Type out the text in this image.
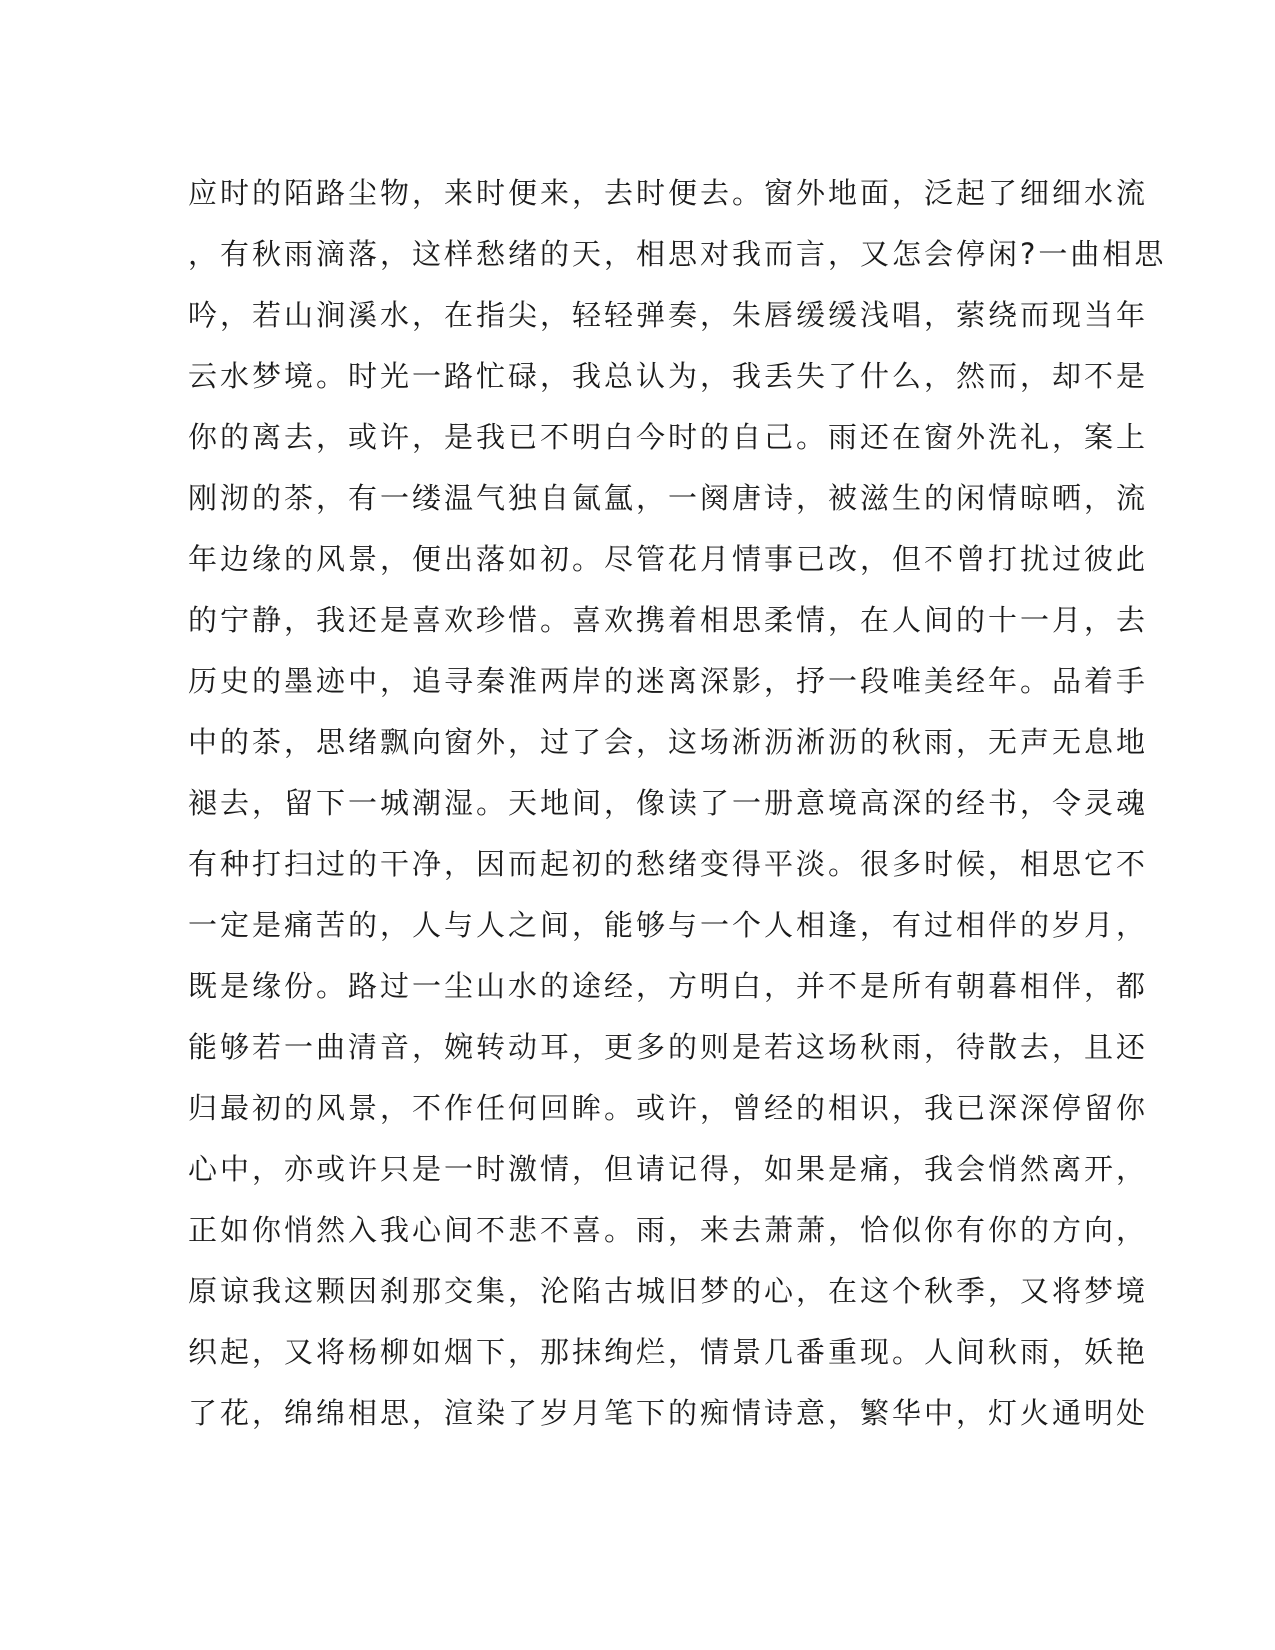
应时的陌路尘物，来时便来，去时便去。窗外地面，泛起了细细水流
，有秋雨滴落，这样愁绪的天，相思对我而言，又怎会停闲?一曲相思
吟，若山涧溪水，在指尖，轻轻弹奏，朱唇缓缓浅唱，萦绕而现当年
云水梦境。时光一路忙碌，我总认为，我丢失了什么，然而，却不是
你的离去，或许，是我已不明白今时的自己。雨还在窗外洗礼，案上
刚沏的茶，有一缕温气独自氤氲，一阕唐诗，被滋生的闲情晾晒，流
年边缘的风景，便出落如初。尽管花月情事已改，但不曾打扰过彼此
的宁静，我还是喜欢珍惜。喜欢携着相思柔情，在人间的十一月，去
历史的墨迹中，追寻秦淮两岸的迷离深影，抒一段唯美经年。品着手
中的茶，思绪飘向窗外，过了会，这场淅沥淅沥的秋雨，无声无息地
褪去，留下一城潮湿。天地间，像读了一册意境高深的经书，令灵魂
有种打扫过的干净，因而起初的愁绪变得平淡。很多时候，相思它不
一定是痛苦的，人与人之间，能够与一个人相逢，有过相伴的岁月，
既是缘份。路过一尘山水的途经，方明白，并不是所有朝暮相伴，都
能够若一曲清音，婉转动耳，更多的则是若这场秋雨，待散去，且还
归最初的风景，不作任何回眸。或许，曾经的相识，我已深深停留你
心中，亦或许只是一时激情，但请记得，如果是痛，我会悄然离开，
正如你悄然入我心间不悲不喜。雨，来去萧萧，恰似你有你的方向，
原谅我这颗因刹那交集，沦陷古城旧梦的心，在这个秋季，又将梦境
织起，又将杨柳如烟下，那抹绚烂，情景几番重现。人间秋雨，妖艳
了花，绵绵相思，渲染了岁月笔下的痴情诗意，繁华中，灯火通明处
